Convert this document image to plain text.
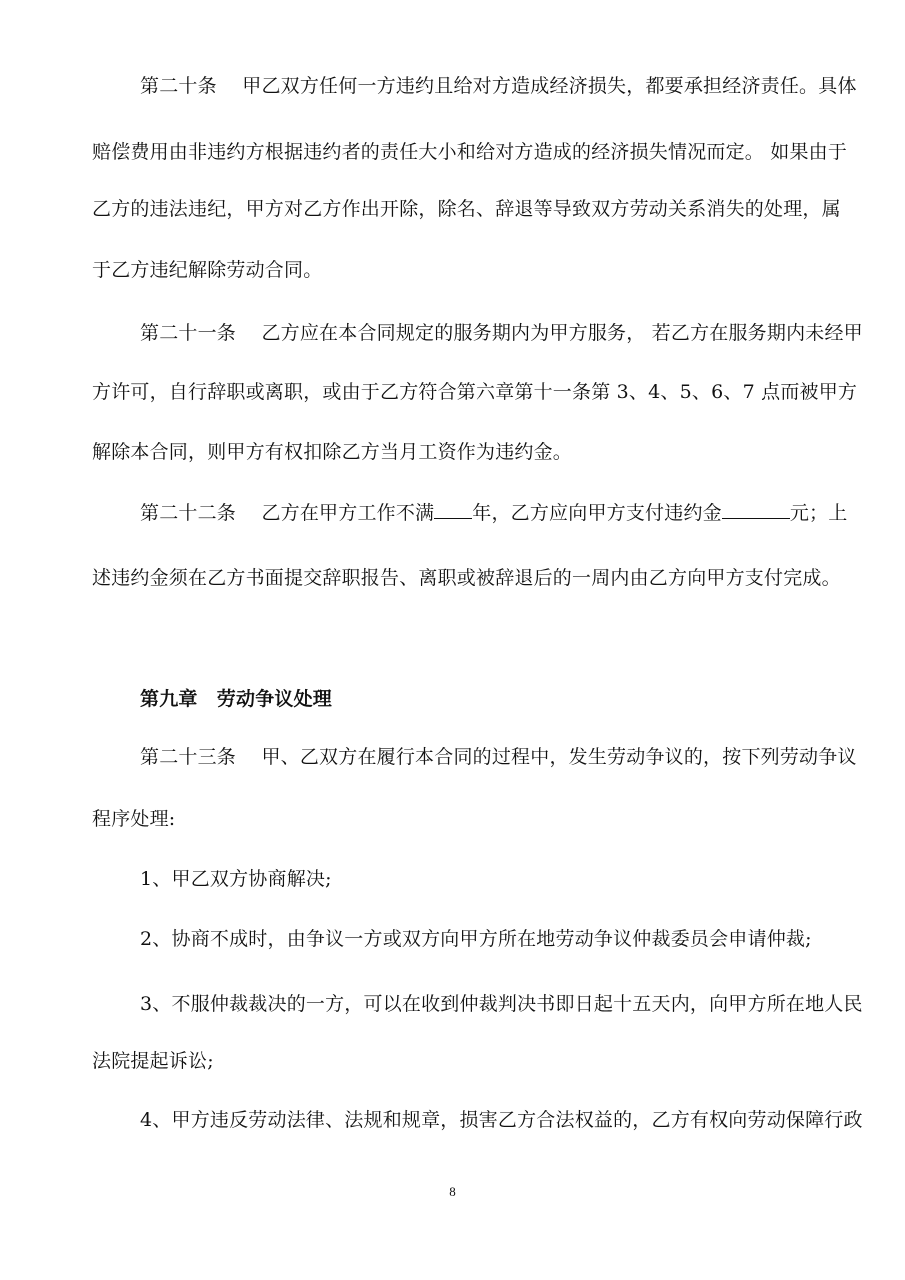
第二十条　 甲乙双方任何一方违约且给对方造成经济损失，都要承担经济责任。具体
赔偿费用由非违约方根据违约者的责任大小和给对方造成的经济损失情况而定。 如果由于
乙方的违法违纪，甲方对乙方作出开除，除名、辞退等导致双方劳动关系消失的处理，属
于乙方违纪解除劳动合同。
第二十一条　 乙方应在本合同规定的服务期内为甲方服务， 若乙方在服务期内未经甲
方许可，自行辞职或离职，或由于乙方符合第六章第十一条第 3、4、5、6、7 点而被甲方
解除本合同，则甲方有权扣除乙方当月工资作为违约金。
第二十二条　 乙方在甲方工作不满 年，乙方应向甲方支付违约金	元；上
述违约金须在乙方书面提交辞职报告、离职或被辞退后的一周内由乙方向甲方支付完成。
第九章　劳动争议处理
第二十三条　 甲、乙双方在履行本合同的过程中，发生劳动争议的，按下列劳动争议
程序处理:
1、甲乙双方协商解决;
2、协商不成时，由争议一方或双方向甲方所在地劳动争议仲裁委员会申请仲裁;
3、不服仲裁裁决的一方，可以在收到仲裁判决书即日起十五天内，向甲方所在地人民
法院提起诉讼;
4、甲方违反劳动法律、法规和规章，损害乙方合法权益的，乙方有权向劳动保障行政
8
